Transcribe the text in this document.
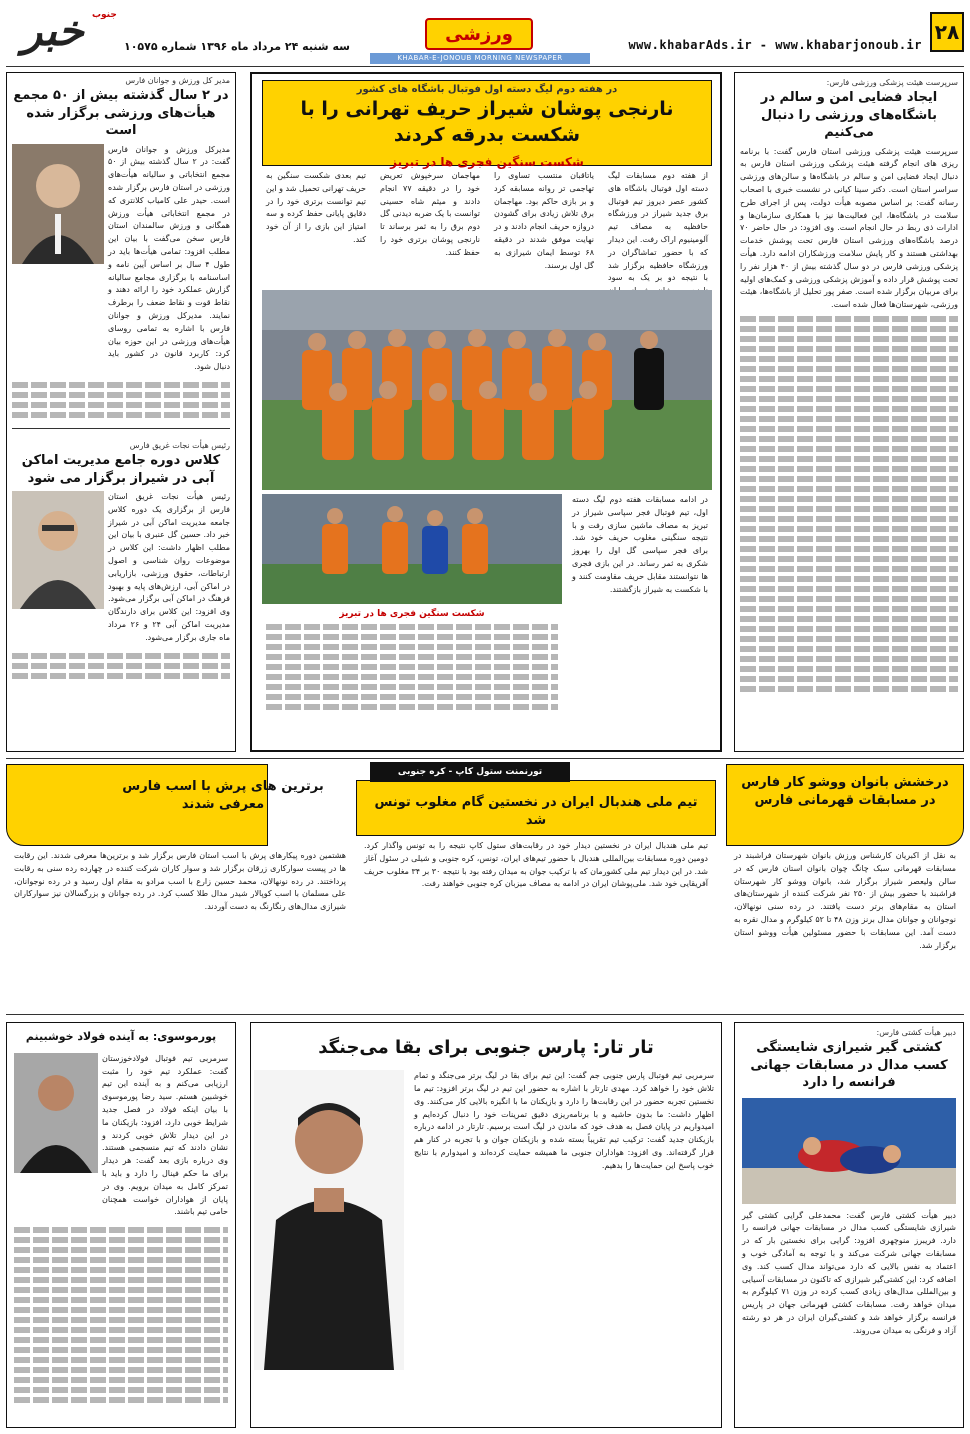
۲۸
www.khabarAds.ir - www.khabarjonoub.ir
ورزشی
خبر جنوب
سه شنبه ۲۴ مرداد ماه ۱۳۹۶ شماره ۱۰۵۷۵
KHABAR-E-JONOUB MORNING NEWSPAPER
مدیر کل ورزش و جوانان فارس
در ۲ سال گذشته بیش از ۵۰ مجمع هیأت‌های ورزشی برگزار شده است
مدیرکل ورزش و جوانان فارس گفت: در ۲ سال گذشته بیش از ۵۰ مجمع انتخاباتی و سالیانه هیأت‌های ورزشی در استان فارس برگزار شده است. حیدر علی کامیاب کلانتری که در مجمع انتخاباتی هیأت ورزش همگانی و ورزش سالمندان استان فارس سخن می‌گفت با بیان این مطلب افزود: تمامی هیأت‌ها باید در طول ۴ سال بر اساس آیین نامه و اساسنامه با برگزاری مجامع سالیانه گزارش عملکرد خود را ارائه دهند و نقاط قوت و نقاط ضعف را برطرف نمایند. مدیرکل ورزش و جوانان فارس با اشاره به تمامی روسای هیأت‌های ورزشی در این حوزه بیان کرد: کاربرد قانون در کشور باید دنبال شود.
رئیس هیأت نجات غریق فارس
کلاس دوره جامع مدیریت اماکن آبی در شیراز برگزار می شود
رئیس هیأت نجات غریق استان فارس از برگزاری یک دوره کلاس جامعه مدیریت اماکن آبی در شیراز خبر داد. حسین گل عنبری با بیان این مطلب اظهار داشت: این کلاس در موضوعات روان شناسی و اصول ارتباطات، حقوق ورزشی، بازاریابی در اماکن آبی، ارزش‌های پایه و بهبود فرهنگ در اماکن آبی برگزار می‌شود. وی افزود: این کلاس برای دارندگان مدیریت اماکن آبی ۲۴ و ۲۶ مرداد ماه جاری برگزار می‌شود.
در هفته دوم لیگ دسته اول فوتبال باشگاه های کشور
نارنجی پوشان شیراز حریف تهرانی را با شکست بدرقه کردند
شکست سنگین فجری ها در تبریز
از هفته دوم مسابقات لیگ دسته اول فوتبال باشگاه های کشور عصر دیروز تیم فوتبال برق جدید شیراز در ورزشگاه حافظیه به مصاف تیم آلومینیوم اراک رفت. این دیدار که با حضور تماشاگران در ورزشگاه حافظیه برگزار شد با نتیجه دو بر یک به سود
یاتاقبان منتسب تساوی را تهاجمی تر روانه مسابقه کرد و بر بازی حاکم بود. مهاجمان برق تلاش زیادی برای گشودن دروازه حریف انجام دادند و در نهایت موفق شدند در دقیقه ۶۸ توسط ایمان شیرازی به گل اول برسند.
مهاجمان سرخپوش تعریض خود را در دقیقه ۷۷ انجام دادند و میثم شاه حسینی توانست با یک ضربه دیدنی گل دوم برق را به ثمر برساند تا نارنجی پوشان برتری خود را حفظ کنند.
تیم بعدی شکست سنگین به حریف تهرانی تحمیل شد و این تیم توانست برتری خود را در دقایق پایانی حفظ کرده و سه امتیاز این بازی را از آن خود کند.
در ادامه مسابقات هفته دوم لیگ دسته اول، تیم فوتبال فجر سپاسی شیراز در تبریز به مصاف ماشین سازی رفت و با نتیجه سنگینی مغلوب حریف خود شد. برای فجر سپاسی گل اول را بهروز شکری به ثمر رساند. در این بازی فجری ها نتوانستند مقابل حریف مقاومت کنند و با شکست به شیراز بازگشتند.
شکست سنگین فجری ها در تبریز
سرپرست هیئت پزشکی ورزشی فارس:
ایجاد فضایی امن و سالم در باشگاه‌های ورزشی را دنبال می‌کنیم
سرپرست هیئت پزشکی ورزشی استان فارس گفت: با برنامه ریزی های انجام گرفته هیئت پزشکی ورزشی استان فارس به دنبال ایجاد فضایی امن و سالم در باشگاه‌ها و سالن‌های ورزشی سراسر استان است. دکتر سینا کیانی در نشست خبری با اصحاب رسانه گفت: بر اساس مصوبه هیأت دولت، پس از اجرای طرح سلامت در باشگاه‌ها، این فعالیت‌ها نیز با همکاری سازمان‌ها و ادارات ذی ربط در حال انجام است. وی افزود: در حال حاضر ۷۰ درصد باشگاه‌های ورزشی استان فارس تحت پوشش خدمات بهداشتی هستند و کار پایش سلامت ورزشکاران ادامه دارد. هیأت پزشکی ورزشی فارس در دو سال گذشته بیش از ۴۰ هزار نفر را تحت پوشش قرار داده و آموزش پزشکی ورزشی و کمک‌های اولیه برای مربیان برگزار شده است. صفر پور تحلیل از باشگاه‌ها، هیئت ورزشی، شهرستان‌ها فعال شده است.
درخشش بانوان ووشو کار فارس در مسابقات قهرمانی فارس
به نقل از اکبریان کارشناس ورزش بانوان شهرستان فراشبند در مسابقات قهرمانی سبک چانگ چوان بانوان استان فارس که در سالن ولیعصر شیراز برگزار شد، بانوان ووشو کار شهرستان فراشبند با حضور بیش از ۲۵۰ نفر شرکت کننده از شهرستان‌های استان به مقام‌های برتر دست یافتند. در رده سنی نونهالان، نوجوانان و جوانان مدال برنز وزن ۴۸ تا ۵۲ کیلوگرم و مدال نقره به دست آمد. این مسابقات با حضور مسئولین هیأت ووشو استان برگزار شد.
تورنمنت ستول کاپ - کره جنوبی
تیم ملی هندبال ایران در نخستین گام مغلوب تونس شد
تیم ملی هندبال ایران در نخستین دیدار خود در رقابت‌های ستول کاپ نتیجه را به تونس واگذار کرد. دومین دوره مسابقات بین‌المللی هندبال با حضور تیم‌های ایران، تونس، کره جنوبی و شیلی در سئول آغاز شد. در این دیدار تیم ملی کشورمان که با ترکیب جوان به میدان رفته بود با نتیجه ۳۰ بر ۳۴ مغلوب حریف آفریقایی خود شد. ملی‌پوشان ایران در ادامه به مصاف میزبان کره جنوبی خواهند رفت.
برترین های پرش با اسب فارس معرفی شدند
هشتمین دوره پیکارهای پرش با اسب استان فارس برگزار شد و برترین‌ها معرفی شدند. این رقابت ها در پیست سوارکاری زرقان برگزار شد و سوار کاران شرکت کننده در چهارده رده سنی به رقابت پرداختند. در رده نونهالان، محمد حسین زارع با اسب مرادو به مقام اول رسید و در رده نوجوانان، علی مسلمان با اسب کوپالار شیدر مدال طلا کسب کرد. در رده جوانان و بزرگسالان نیز سوارکاران شیرازی مدال‌های رنگارنگ به دست آوردند.
دبیر هیأت کشتی فارس:
کشتی گیر شیرازی شایستگی کسب مدال در مسابقات جهانی فرانسه را دارد
دبیر هیأت کشتی فارس گفت: محمدعلی گرایی کشتی گیر شیرازی شایستگی کسب مدال در مسابقات جهانی فرانسه را دارد. فریبرز منوچهری افزود: گرایی برای نخستین بار که در مسابقات جهانی شرکت می‌کند و با توجه به آمادگی خوب و اعتماد به نفس بالایی که دارد می‌تواند مدال کسب کند. وی اضافه کرد: این کشتی‌گیر شیرازی که تاکنون در مسابقات آسیایی و بین‌المللی مدال‌های زیادی کسب کرده در وزن ۷۱ کیلوگرم به میدان خواهد رفت. مسابقات کشتی قهرمانی جهان در پاریس فرانسه برگزار خواهد شد و کشتی‌گیران ایران در هر دو رشته آزاد و فرنگی به میدان می‌روند.
تار تار: پارس جنوبی برای بقا می‌جنگد
سرمربی تیم فوتبال پارس جنوبی جم گفت: این تیم برای بقا در لیگ برتر می‌جنگد و تمام تلاش خود را خواهد کرد. مهدی تارتار با اشاره به حضور این تیم در لیگ برتر افزود: تیم ما نخستین تجربه حضور در این رقابت‌ها را دارد و بازیکنان ما با انگیزه بالایی کار می‌کنند. وی اظهار داشت: ما بدون حاشیه و با برنامه‌ریزی دقیق تمرینات خود را دنبال کرده‌ایم و امیدواریم در پایان فصل به هدف خود که ماندن در لیگ است برسیم. تارتار در ادامه درباره بازیکنان جدید گفت: ترکیب تیم تقریباً بسته شده و بازیکنان جوان و با تجربه در کنار هم قرار گرفته‌اند. وی افزود: هواداران جنوبی ما همیشه حمایت کرده‌اند و امیدوارم با نتایج خوب پاسخ این حمایت‌ها را بدهیم.
پورموسوی: به آینده فولاد خوشبینم
سرمربی تیم فوتبال فولادخوزستان گفت: عملکرد تیم خود را مثبت ارزیابی می‌کنم و به آینده این تیم خوشبین هستم. سید رضا پورموسوی با بیان اینکه فولاد در فصل جدید شرایط خوبی دارد، افزود: بازیکنان ما در این دیدار تلاش خوبی کردند و نشان دادند که تیم منسجمی هستند. وی درباره بازی بعد گفت: هر دیدار برای ما حکم فینال را دارد و باید با تمرکز کامل به میدان برویم. وی در پایان از هواداران خواست همچنان حامی تیم باشند.
